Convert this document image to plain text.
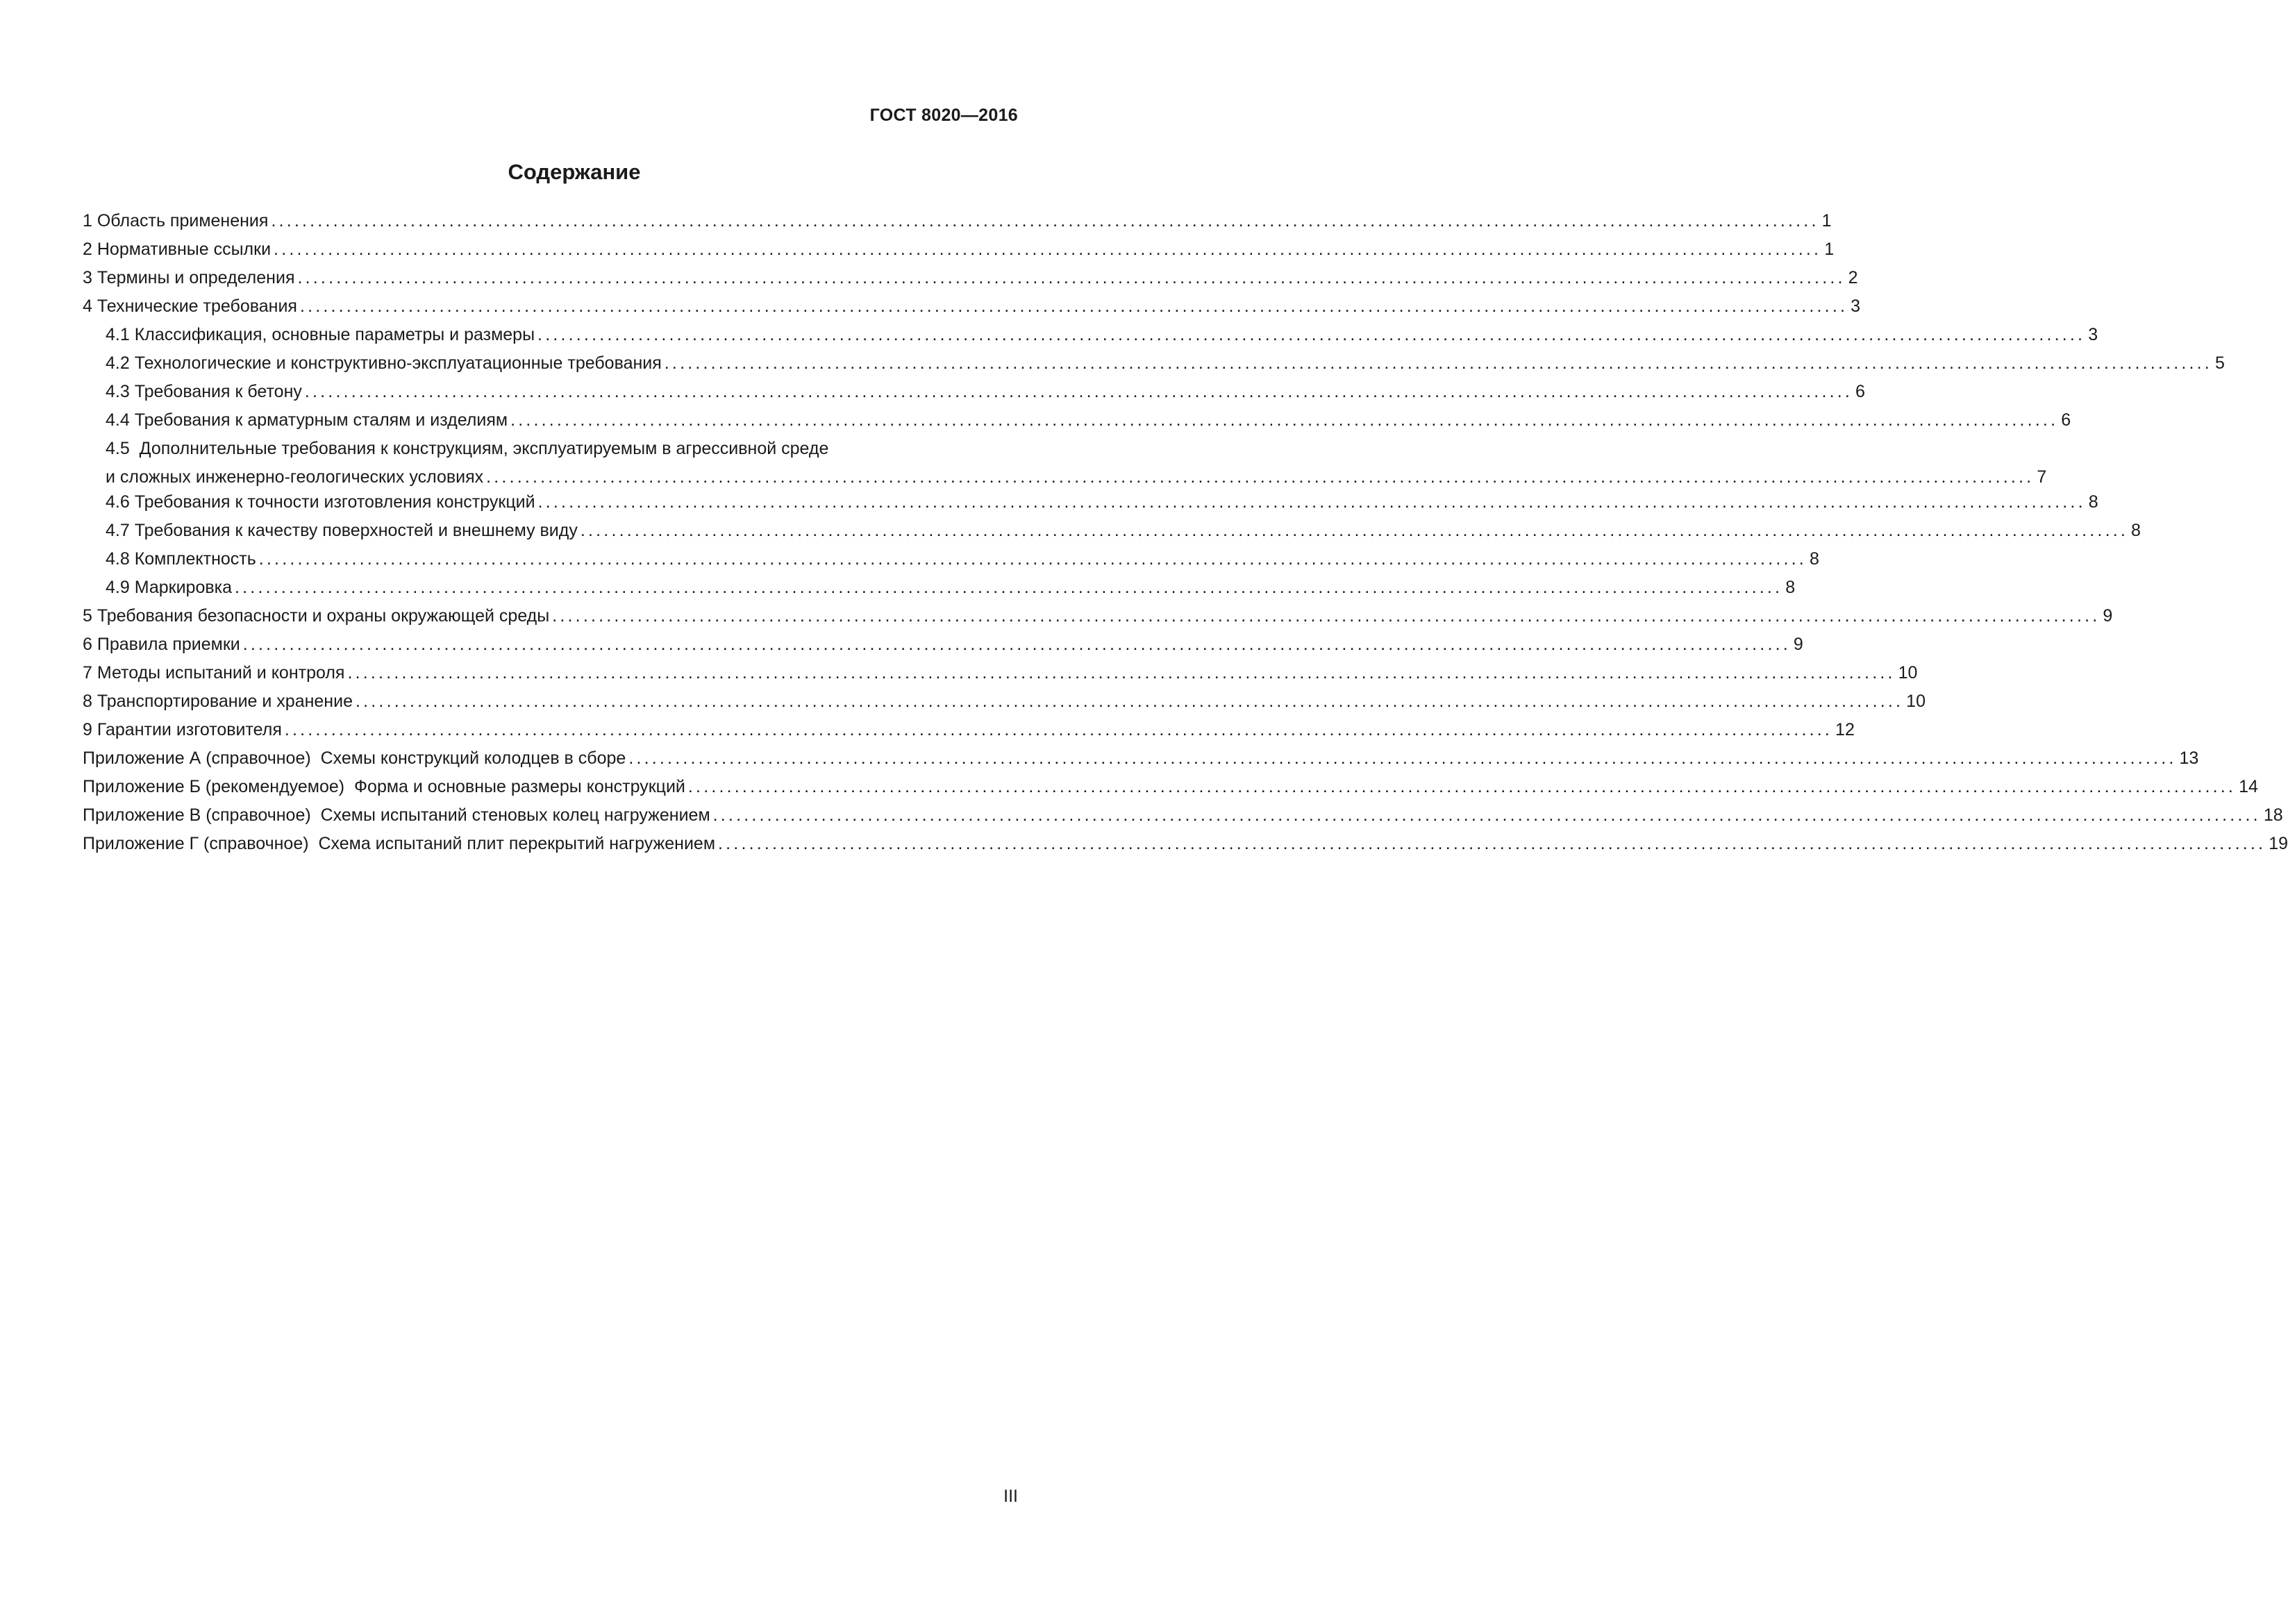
ГОСТ 8020—2016
Содержание
1
Область применения ........................................................................................................................................................................................................ 1
2
Нормативные ссылки ........................................................................................................................................................................................................ 1
3
Термины и определения ........................................................................................................................................................................................................ 2
4
Технические требования ........................................................................................................................................................................................................ 3
4.1
Классификация, основные параметры и размеры ........................................................................................................................................................................................................ 3
4.2
Технологические и конструктивно-эксплуатационные требования ........................................................................................................................................................................................................ 5
4.3
Требования к бетону ........................................................................................................................................................................................................ 6
4.4
Требования к арматурным сталям и изделиям ........................................................................................................................................................................................................ 6
4.5 Дополнительные требования к конструкциям, эксплуатируемым в агрессивной среде
и сложных инженерно-геологических условиях ........................................................................................................................................................................................................ 7
4.6
Требования к точности изготовления конструкций ........................................................................................................................................................................................................ 8
4.7
Требования к качеству поверхностей и внешнему виду ........................................................................................................................................................................................................ 8
4.8
Комплектность ........................................................................................................................................................................................................ 8
4.9
Маркировка ........................................................................................................................................................................................................ 8
5
Требования безопасности и охраны окружающей среды ........................................................................................................................................................................................................ 9
6
Правила приемки ........................................................................................................................................................................................................ 9
7
Методы испытаний и контроля ........................................................................................................................................................................................................ 10
8
Транспортирование и хранение ........................................................................................................................................................................................................ 10
9
Гарантии изготовителя ........................................................................................................................................................................................................ 12
Приложение А (справочное)
Схемы конструкций колодцев в сборе ........................................................................................................................................................................................................ 13
Приложение Б (рекомендуемое)
Форма и основные размеры конструкций ........................................................................................................................................................................................................ 14
Приложение В (справочное)
Схемы испытаний стеновых колец нагружением ........................................................................................................................................................................................................ 18
Приложение Г (справочное)
Схема испытаний плит перекрытий нагружением ........................................................................................................................................................................................................ 19
III
